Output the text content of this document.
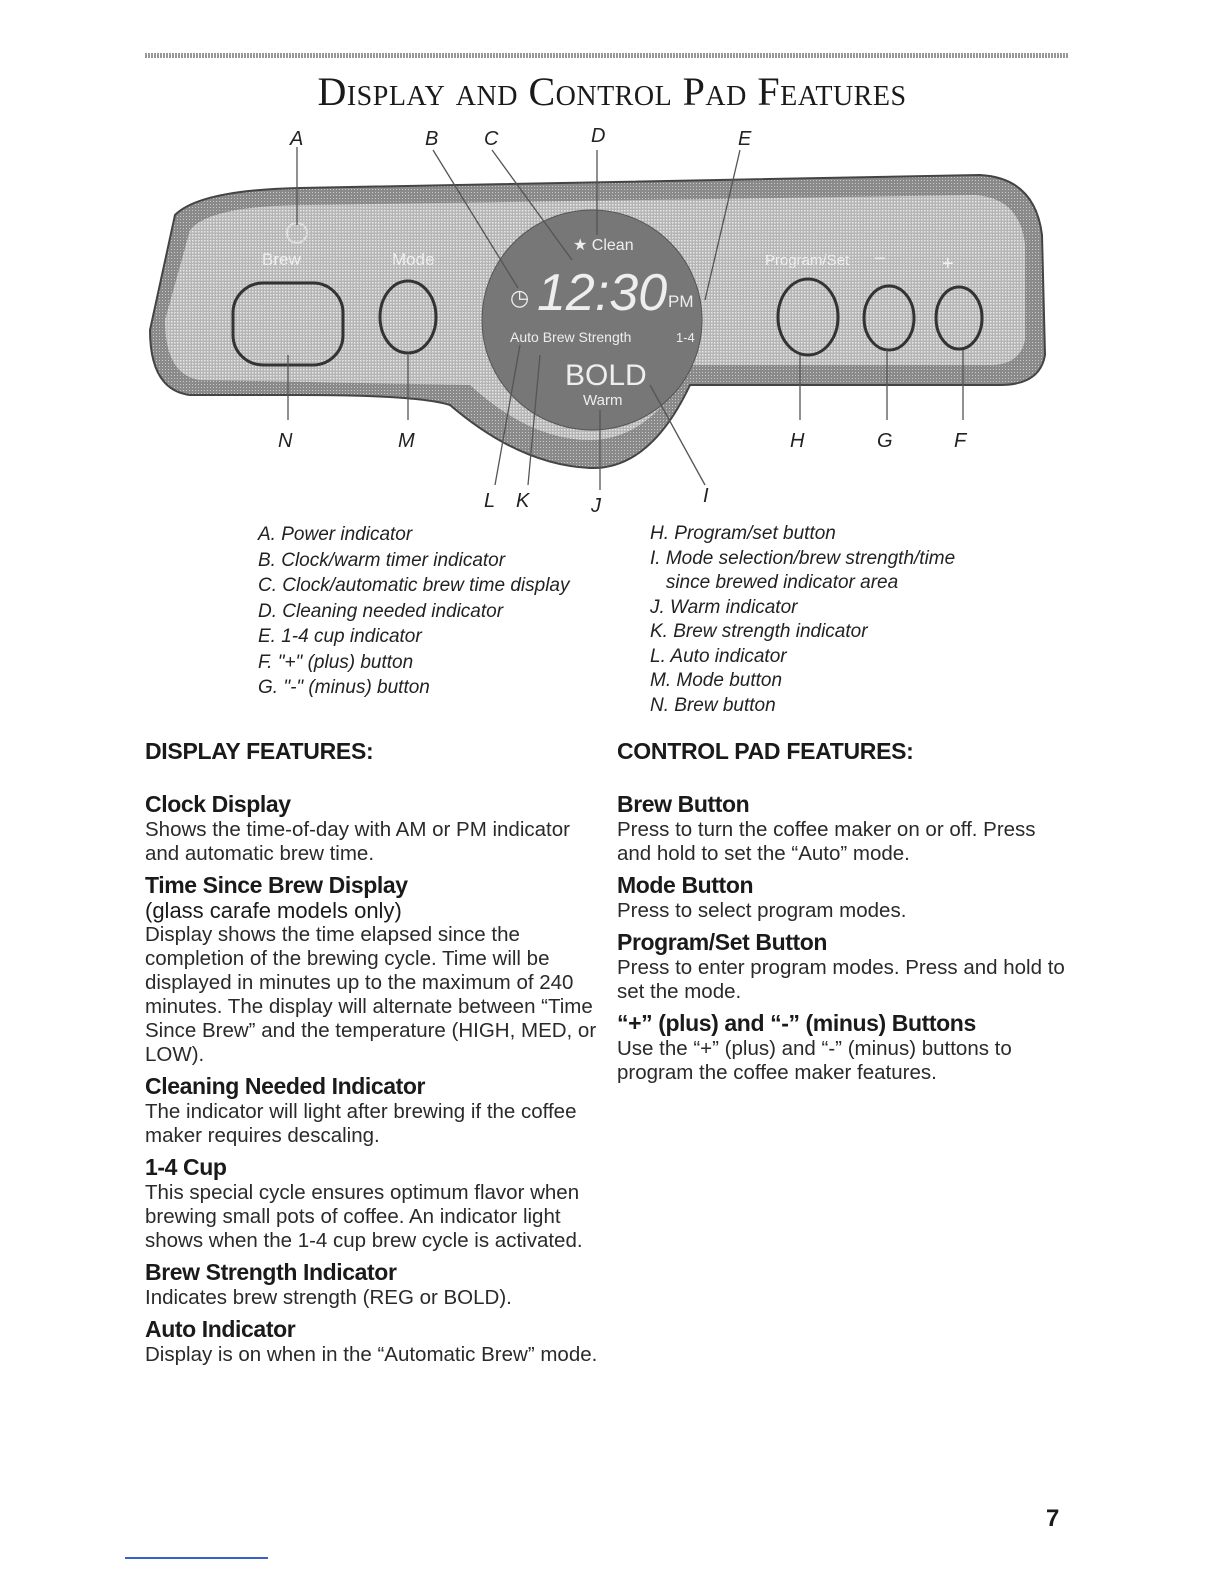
Display and Control Pad Features
Brew	Mode
★ Clean
◷ 12:30 PM
Auto Brew Strength	1-4
BOLD
Warm
Program/Set −	+
A	B C	D	E
N	M	H	G	F
L K	J	I
A. Power indicator
B. Clock/warm timer indicator
C. Clock/automatic brew time display
D. Cleaning needed indicator
E. 1-4 cup indicator
F. "+" (plus) button
G. "-" (minus) button
H. Program/set button
I. Mode selection/brew strength/time
since brewed indicator area
J. Warm indicator
K. Brew strength indicator
L. Auto indicator
M. Mode button
N. Brew button
DISPLAY FEATURES:
Clock Display
Shows the time-of-day with AM or PM indicator and automatic brew time.
Time Since Brew Display
(glass carafe models only)
Display shows the time elapsed since the completion of the brewing cycle. Time will be displayed in minutes up to the maximum of 240 minutes. The display will alternate between “Time Since Brew” and the temperature (HIGH, MED, or LOW).
Cleaning Needed Indicator
The indicator will light after brewing if the coffee maker requires descaling.
1-4 Cup
This special cycle ensures optimum flavor when brewing small pots of coffee. An indicator light shows when the 1-4 cup brew cycle is activated.
Brew Strength Indicator
Indicates brew strength (REG or BOLD).
Auto Indicator
Display is on when in the “Automatic Brew” mode.
CONTROL PAD FEATURES:
Brew Button
Press to turn the coffee maker on or off. Press and hold to set the “Auto” mode.
Mode Button
Press to select program modes.
Program/Set Button
Press to enter program modes. Press and hold to set the mode.
“+” (plus) and “-” (minus) Buttons
Use the “+” (plus) and “-” (minus) buttons to program the coffee maker features.
7
